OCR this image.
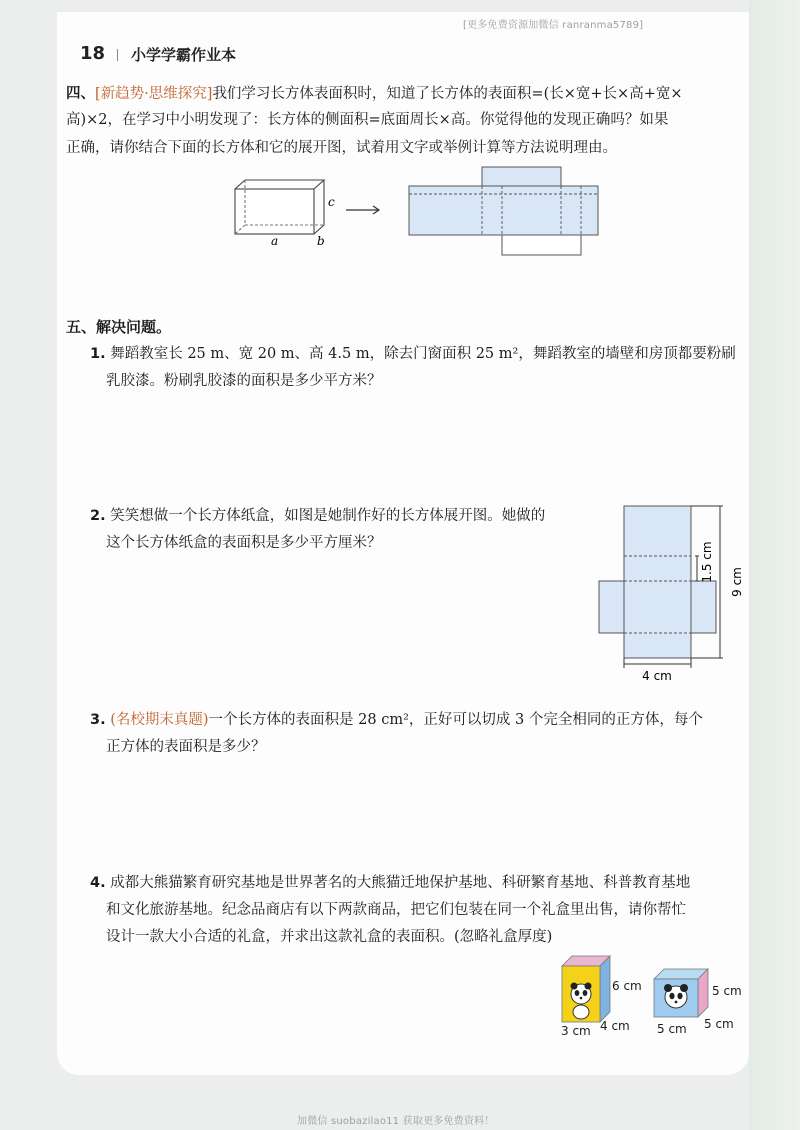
[更多免费资源加微信 ranranma5789]
18 小学学霸作业本
四、[新趋势·思维探究]我们学习长方体表面积时，知道了长方体的表面积=(长×宽+长×高+宽×
高)×2，在学习中小明发现了：长方体的侧面积=底面周长×高。你觉得他的发现正确吗？如果
正确，请你结合下面的长方体和它的展开图，试着用文字或举例计算等方法说明理由。
a	b
c
五、解决问题。
1. 舞蹈教室长 25 m、宽 20 m、高 4.5 m，除去门窗面积 25 m²，舞蹈教室的墙壁和房顶都要粉刷
乳胶漆。粉刷乳胶漆的面积是多少平方米？
2. 笑笑想做一个长方体纸盒，如图是她制作好的长方体展开图。她做的
这个长方体纸盒的表面积是多少平方厘米？	1.5 cm 9 cm
4 cm
3. (名校期末真题)一个长方体的表面积是 28 cm²，正好可以切成 3 个完全相同的正方体，每个
正方体的表面积是多少？
4. 成都大熊猫繁育研究基地是世界著名的大熊猫迁地保护基地、科研繁育基地、科普教育基地
和文化旅游基地。纪念品商店有以下两款商品，把它们包装在同一个礼盒里出售，请你帮忙
设计一款大小合适的礼盒，并求出这款礼盒的表面积。(忽略礼盒厚度)
6 cm
3 cm 4 cm
5 cm
5 cm 5 cm
加微信 suobazilao11 获取更多免费资料！
